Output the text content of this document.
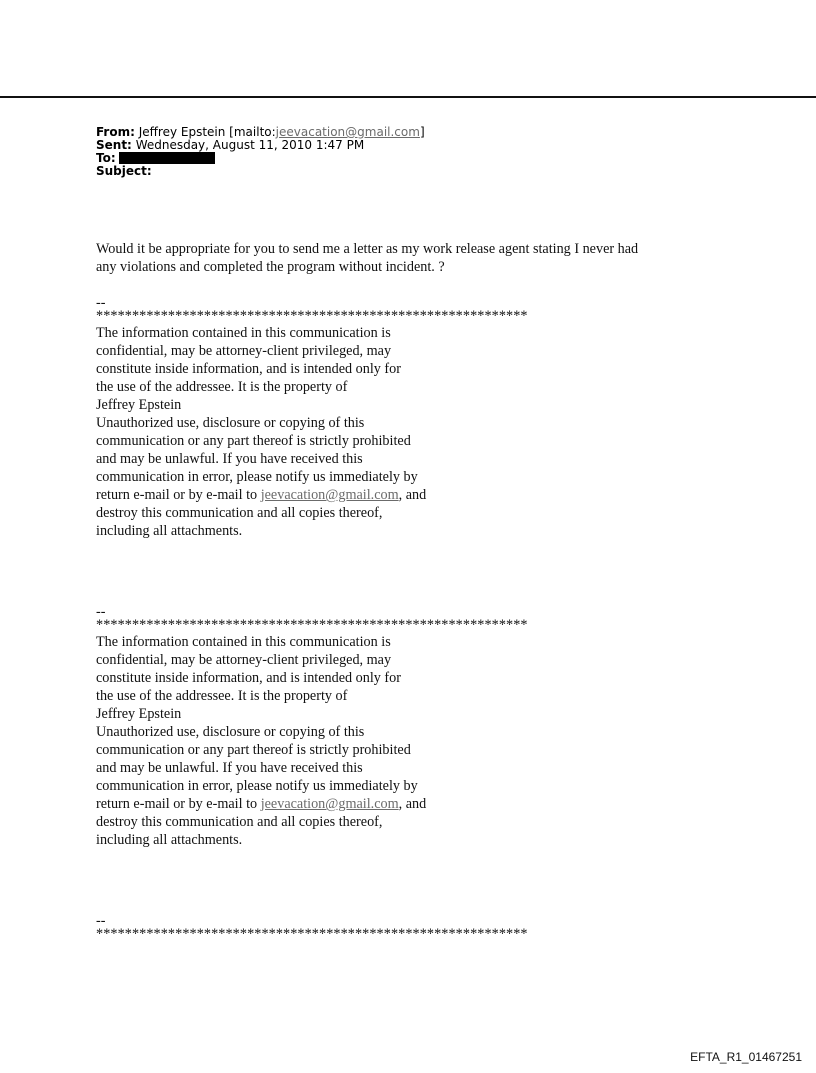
From: Jeffrey Epstein [mailto:jeevacation@gmail.com]
Sent: Wednesday, August 11, 2010 1:47 PM
To:
Subject:
Would it be appropriate for you to send me a letter as my work release agent stating I never had
any violations and completed the program without incident. ?
--
************************************************************
The information contained in this communication is
confidential, may be attorney-client privileged, may
constitute inside information, and is intended only for
the use of the addressee. It is the property of
Jeffrey Epstein
Unauthorized use, disclosure or copying of this
communication or any part thereof is strictly prohibited
and may be unlawful. If you have received this
communication in error, please notify us immediately by
return e-mail or by e-mail to jeevacation@gmail.com, and
destroy this communication and all copies thereof,
including all attachments.
--
************************************************************
The information contained in this communication is
confidential, may be attorney-client privileged, may
constitute inside information, and is intended only for
the use of the addressee. It is the property of
Jeffrey Epstein
Unauthorized use, disclosure or copying of this
communication or any part thereof is strictly prohibited
and may be unlawful. If you have received this
communication in error, please notify us immediately by
return e-mail or by e-mail to jeevacation@gmail.com, and
destroy this communication and all copies thereof,
including all attachments.
--
************************************************************
EFTA_R1_01467251
